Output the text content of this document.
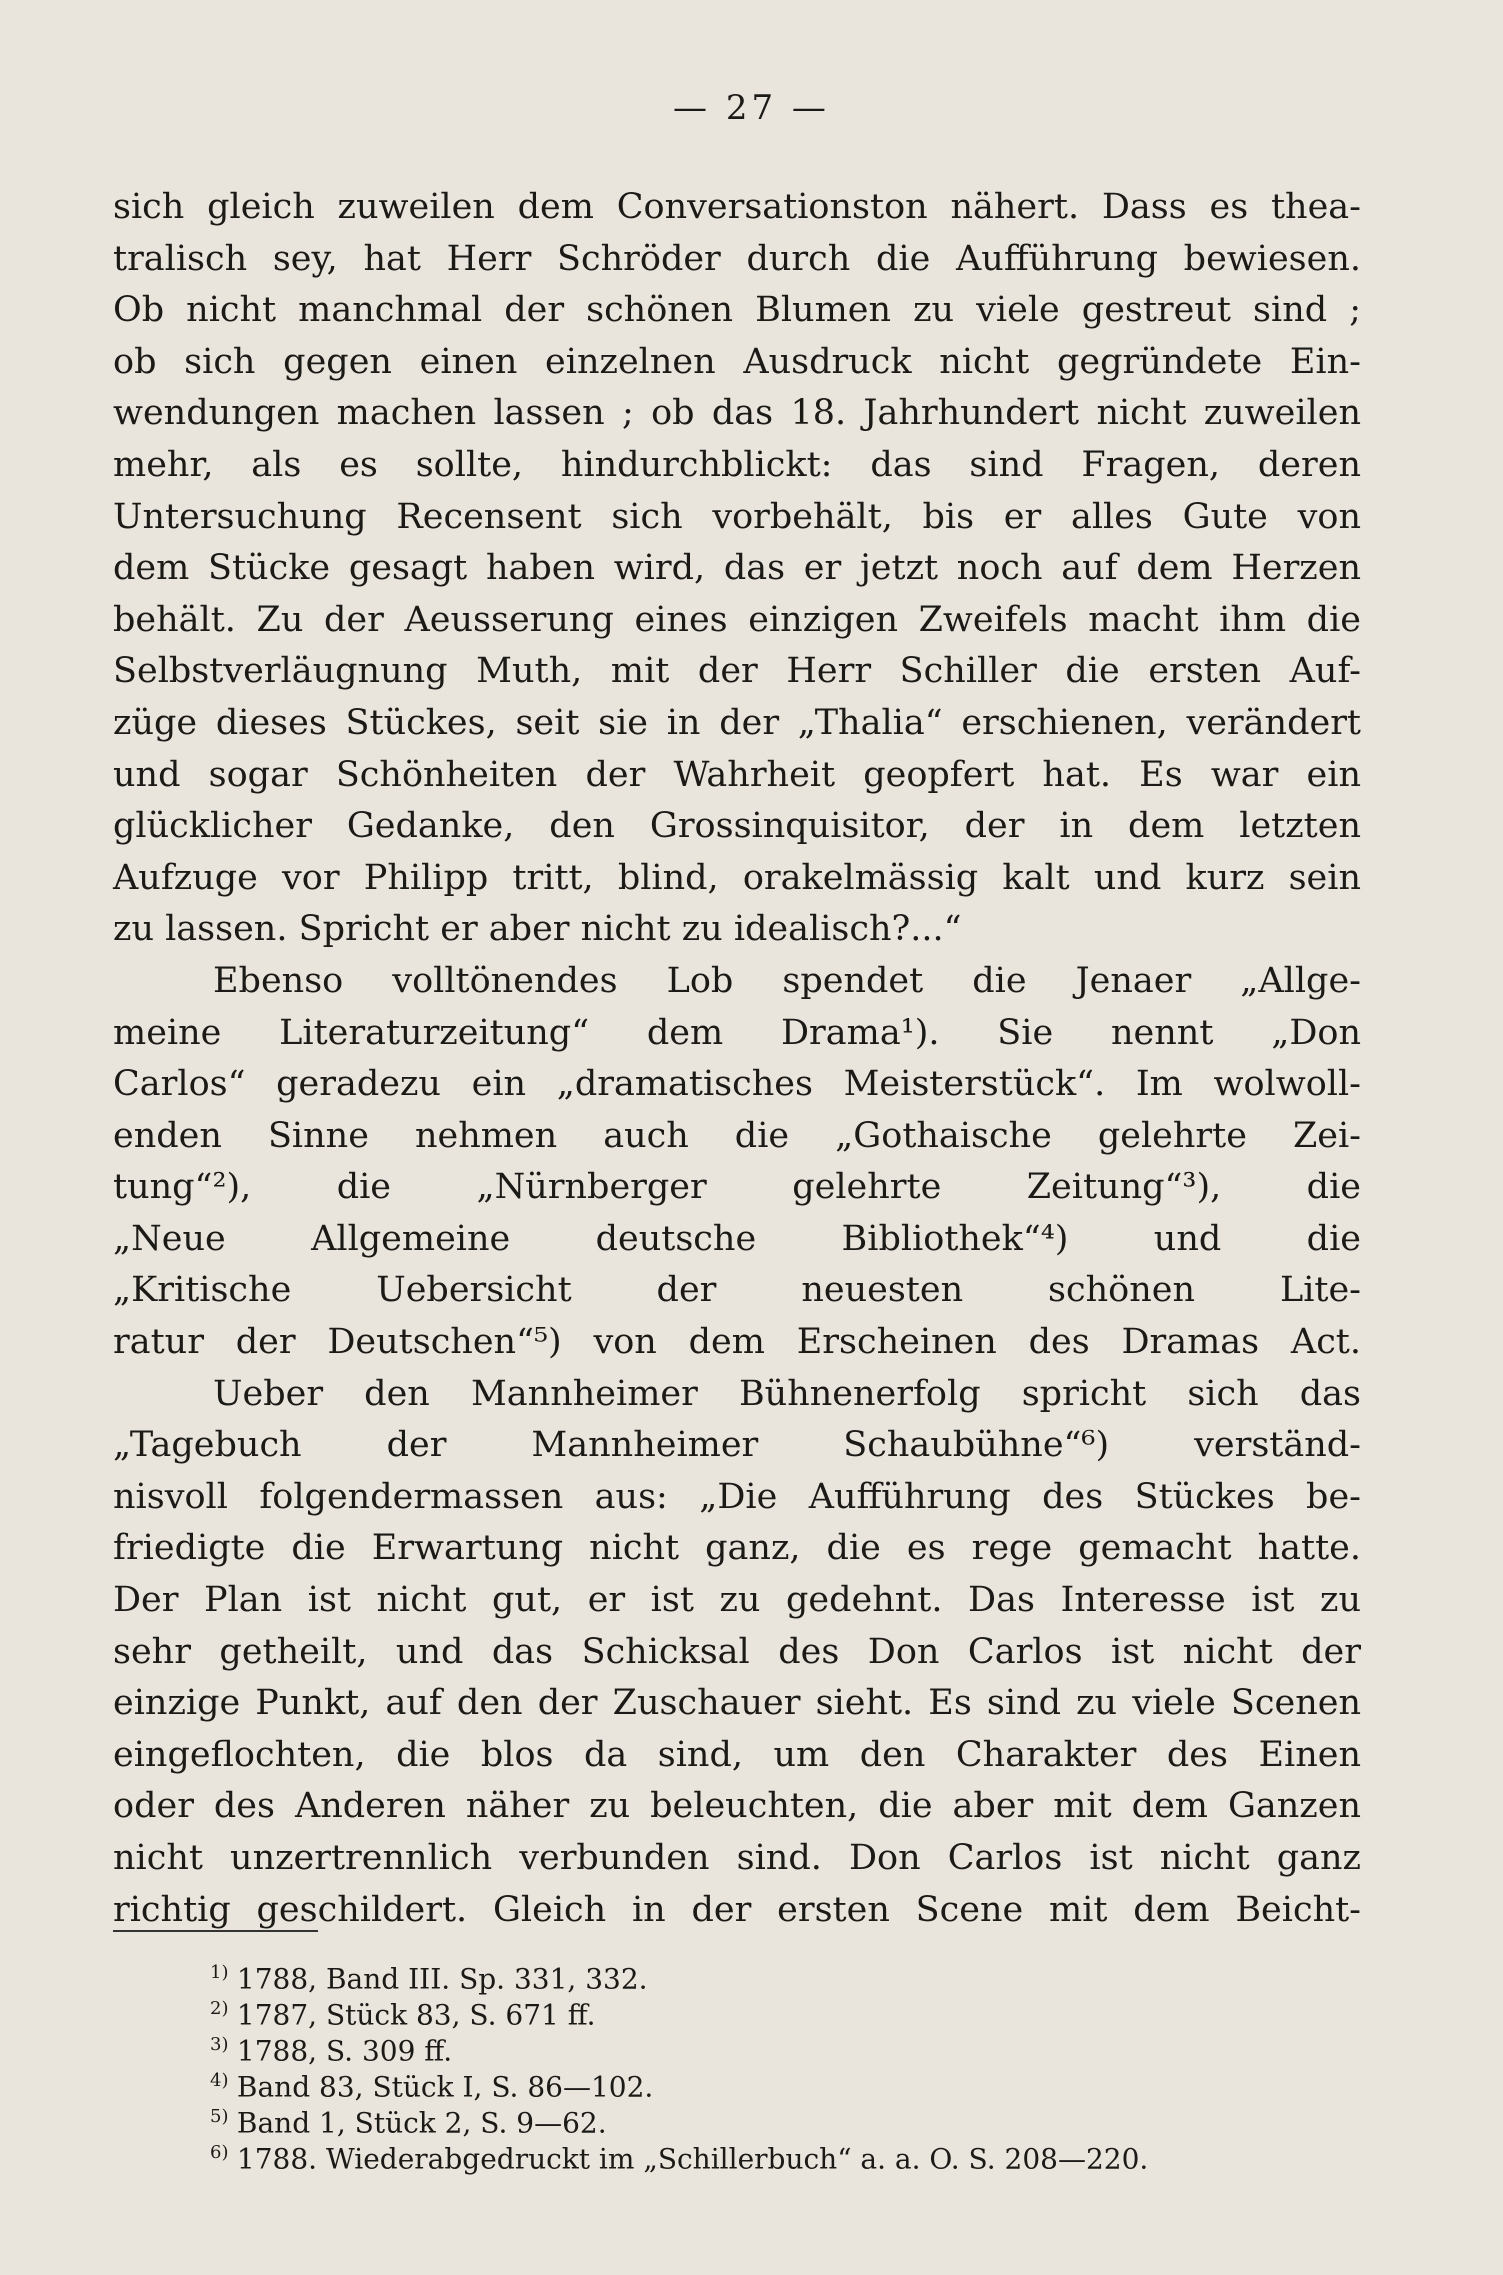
— 27 —
sich gleich zuweilen dem Conversationston nähert. Dass es thea-
tralisch sey, hat Herr Schröder durch die Aufführung bewiesen.
Ob nicht manchmal der schönen Blumen zu viele gestreut sind ;
ob sich gegen einen einzelnen Ausdruck nicht gegründete Ein-
wendungen machen lassen ; ob das 18. Jahrhundert nicht zuweilen
mehr, als es sollte, hindurchblickt: das sind Fragen, deren
Untersuchung Recensent sich vorbehält, bis er alles Gute von
dem Stücke gesagt haben wird, das er jetzt noch auf dem Herzen
behält. Zu der Aeusserung eines einzigen Zweifels macht ihm die
Selbstverläugnung Muth, mit der Herr Schiller die ersten Auf-
züge dieses Stückes, seit sie in der „Thalia“ erschienen, verändert
und sogar Schönheiten der Wahrheit geopfert hat. Es war ein
glücklicher Gedanke, den Grossinquisitor, der in dem letzten
Aufzuge vor Philipp tritt, blind, orakelmässig kalt und kurz sein
zu lassen. Spricht er aber nicht zu idealisch?...“
Ebenso volltönendes Lob spendet die Jenaer „Allge-
meine Literaturzeitung“ dem Drama¹). Sie nennt „Don
Carlos“ geradezu ein „dramatisches Meisterstück“. Im wolwoll-
enden Sinne nehmen auch die „Gothaische gelehrte Zei-
tung“²), die „Nürnberger gelehrte Zeitung“³), die
„Neue Allgemeine deutsche Bibliothek“⁴) und die
„Kritische Uebersicht der neuesten schönen Lite-
ratur der Deutschen“⁵) von dem Erscheinen des Dramas Act.
Ueber den Mannheimer Bühnenerfolg spricht sich das
„Tagebuch der Mannheimer Schaubühne“⁶) verständ-
nisvoll folgendermassen aus: „Die Aufführung des Stückes be-
friedigte die Erwartung nicht ganz, die es rege gemacht hatte.
Der Plan ist nicht gut, er ist zu gedehnt. Das Interesse ist zu
sehr getheilt, und das Schicksal des Don Carlos ist nicht der
einzige Punkt, auf den der Zuschauer sieht. Es sind zu viele Scenen
eingeflochten, die blos da sind, um den Charakter des Einen
oder des Anderen näher zu beleuchten, die aber mit dem Ganzen
nicht unzertrennlich verbunden sind. Don Carlos ist nicht ganz
richtig geschildert. Gleich in der ersten Scene mit dem Beicht-
1) 1788, Band III. Sp. 331, 332.
2) 1787, Stück 83, S. 671 ff.
3) 1788, S. 309 ff.
4) Band 83, Stück I, S. 86—102.
5) Band 1, Stück 2, S. 9—62.
6) 1788. Wiederabgedruckt im „Schillerbuch“ a. a. O. S. 208—220.
